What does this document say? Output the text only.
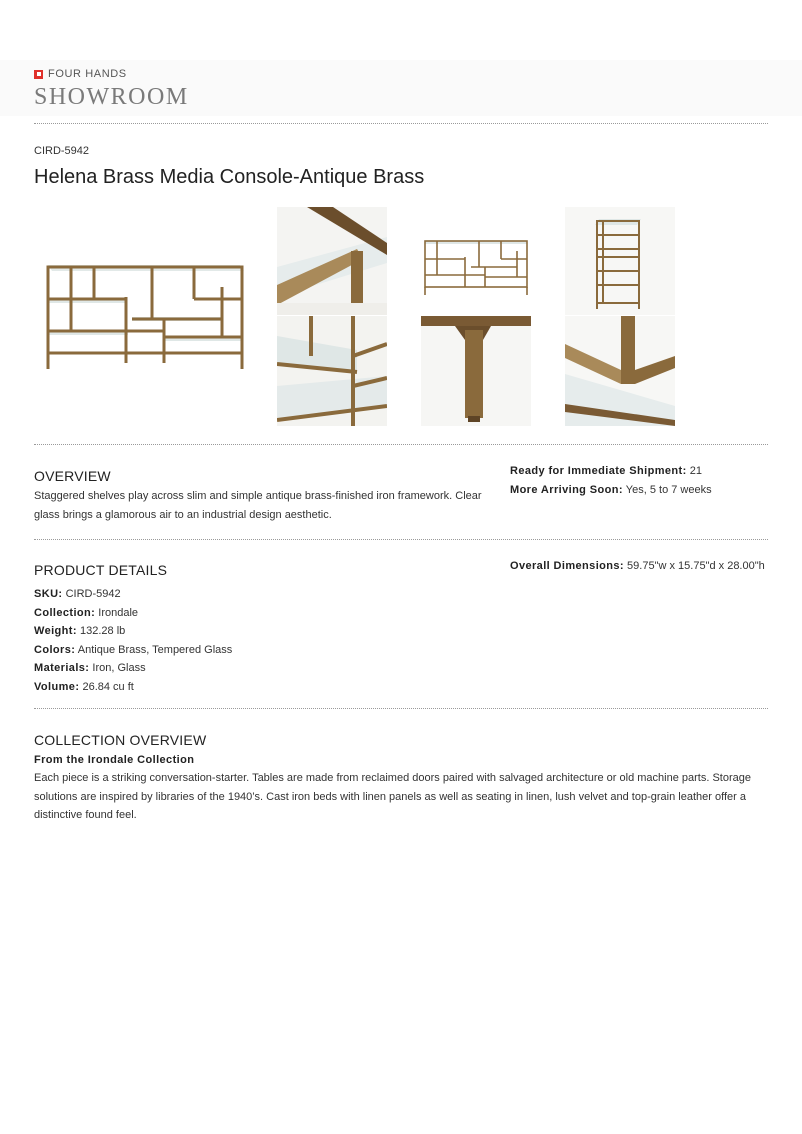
FOUR HANDS
SHOWROOM
CIRD-5942
Helena Brass Media Console-Antique Brass
OVERVIEW
Staggered shelves play across slim and simple antique brass-finished iron framework. Clear glass brings a glamorous air to an industrial design aesthetic.
Ready for Immediate Shipment: 21
More Arriving Soon: Yes, 5 to 7 weeks
PRODUCT DETAILS	Overall Dimensions: 59.75"w x 15.75"d x 28.00"h
SKU: CIRD-5942
Collection: Irondale
Weight: 132.28 lb
Colors: Antique Brass, Tempered Glass
Materials: Iron, Glass
Volume: 26.84 cu ft
COLLECTION OVERVIEW
From the Irondale Collection
Each piece is a striking conversation-starter. Tables are made from reclaimed doors paired with salvaged architecture or old machine parts. Storage solutions are inspired by libraries of the 1940’s. Cast iron beds with linen panels as well as seating in linen, lush velvet and top-grain leather offer a distinctive found feel.
